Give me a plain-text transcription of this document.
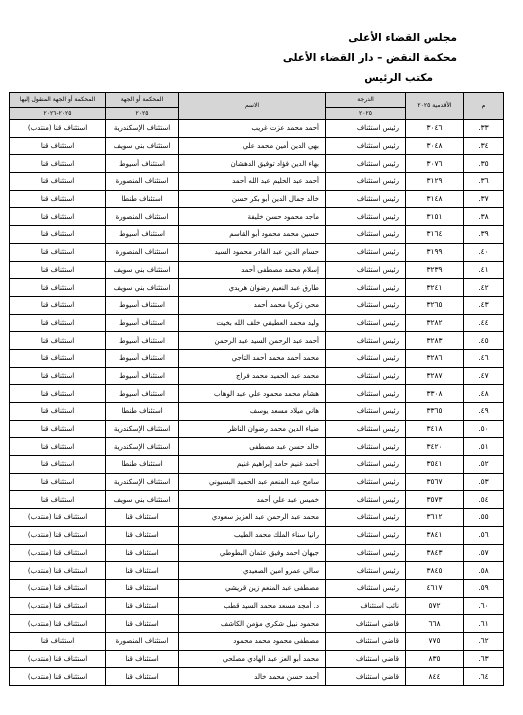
مجلس القضاء الأعلى
محكمة النقض – دار القضاء الأعلى
مكتب الرئيس
م	الأقدمية ٢٠٢٥	الدرجة	الاسم	المحكمة أو الجهة	المحكمة أو الجهة المنقول إليها
		٢٠٢٥		٢٠٢٥	٢٠٢٥-٢٠٢٦
٣٣.	٣٠٤٦	رئيس استئناف	أحمد محمد عزت غريب	استئناف الإسكندرية	استئناف قنا (منتدب)
٣٤.	٣٠٤٨	رئيس استئناف	بهي الدين أمين محمد علي	استئناف بني سويف	استئناف قنا
٣٥.	٣٠٧٦	رئيس استئناف	بهاء الدين فؤاد توفيق الدهشان	استئناف أسيوط	استئناف قنا
٣٦.	٣١٢٩	رئيس استئناف	أحمد عبد الحليم عبد الله أحمد	استئناف المنصورة	استئناف قنا
٣٧.	٣١٤٨	رئيس استئناف	خالد جمال الدين أبو بكر حسن	استئناف طنطا	استئناف قنا
٣٨.	٣١٥١	رئيس استئناف	ماجد محمود حسن خليفة	استئناف المنصورة	استئناف قنا
٣٩.	٣١٦٤	رئيس استئناف	حسين محمد محمود أبو القاسم	استئناف أسيوط	استئناف قنا
٤٠.	٣١٩٩	رئيس استئناف	حسام الدين عبد القادر محمود السيد	استئناف المنصورة	استئناف قنا
٤١.	٣٢٣٩	رئيس استئناف	إسلام محمد مصطفى أحمد	استئناف بني سويف	استئناف قنا
٤٢.	٣٢٤١	رئيس استئناف	طارق عبد النعيم رضوان هريدي	استئناف بني سويف	استئناف قنا
٤٣.	٣٢٦٥	رئيس استئناف	محي زكريا محمد أحمد	استئناف أسيوط	استئناف قنا
٤٤.	٣٢٨٢	رئيس استئناف	وليد محمد العطيفي خلف الله بخيت	استئناف أسيوط	استئناف قنا
٤٥.	٣٢٨٣	رئيس استئناف	أحمد عبد الرحمن السيد عبد الرحمن	استئناف أسيوط	استئناف قنا
٤٦.	٣٢٨٦	رئيس استئناف	محمد أحمد محمد أحمد التاجي	استئناف أسيوط	استئناف قنا
٤٧.	٣٢٨٧	رئيس استئناف	محمد عبد الحميد محمد فراج	استئناف أسيوط	استئناف قنا
٤٨.	٣٣٠٨	رئيس استئناف	هشام محمد محمود علي عبد الوهاب	استئناف أسيوط	استئناف قنا
٤٩.	٣٣٦٥	رئيس استئناف	هاني ميلاد مسعد يوسف	استئناف طنطا	استئناف قنا
٥٠.	٣٤١٨	رئيس استئناف	ضياء الدين محمد رضوان الناظر	استئناف الإسكندرية	استئناف قنا
٥١.	٣٤٢٠	رئيس استئناف	خالد حسن عبد مصطفى	استئناف الإسكندرية	استئناف قنا
٥٢.	٣٥٤١	رئيس استئناف	أحمد غنيم حامد إبراهيم غنيم	استئناف طنطا	استئناف قنا
٥٣.	٣٥٦٧	رئيس استئناف	سامح عبد المنعم عبد الحميد البسيوني	استئناف الإسكندرية	استئناف قنا
٥٤.	٣٥٧٣	رئيس استئناف	خميس عبد علي أحمد	استئناف بني سويف	استئناف قنا
٥٥.	٣٦١٢	رئيس استئناف	محمد عبد الرحمن عبد العزيز سعودي	استئناف قنا	استئناف قنا (منتدب)
٥٦.	٣٨٤١	رئيس استئناف	رانيا سناء الملك محمد الطيب	استئناف قنا	استئناف قنا (منتدب)
٥٧.	٣٨٤٣	رئيس استئناف	جيهان احمد وفيق عثمان البطوطي	استئناف قنا	استئناف قنا (منتدب)
٥٨.	٣٨٤٥	رئيس استئناف	سالي عمرو امين الصعيدي	استئناف قنا	استئناف قنا (منتدب)
٥٩.	٤٦١٧	رئيس استئناف	مصطفى عبد المنعم زين قريشي	استئناف قنا	استئناف قنا (منتدب)
٦٠.	٥٧٢	نائب استئناف	د. أمجد مسعد محمد السيد قطب	استئناف قنا	استئناف قنا (منتدب)
٦١.	٦٦٨	قاضي استئناف	محمود نبيل شكري مؤمن الكاشف	استئناف قنا	استئناف قنا (منتدب)
٦٢.	٧٧٥	قاضي استئناف	مصطفى محمود محمد محمود	استئناف المنصورة	استئناف قنا
٦٣.	٨٣٥	قاضي استئناف	محمد أبو العز عبد الهادي مصلحي	استئناف قنا	استئناف قنا (منتدب)
٦٤.	٨٤٤	قاضي استئناف	أحمد حسن محمد خالد	استئناف قنا	استئناف قنا (منتدب)
